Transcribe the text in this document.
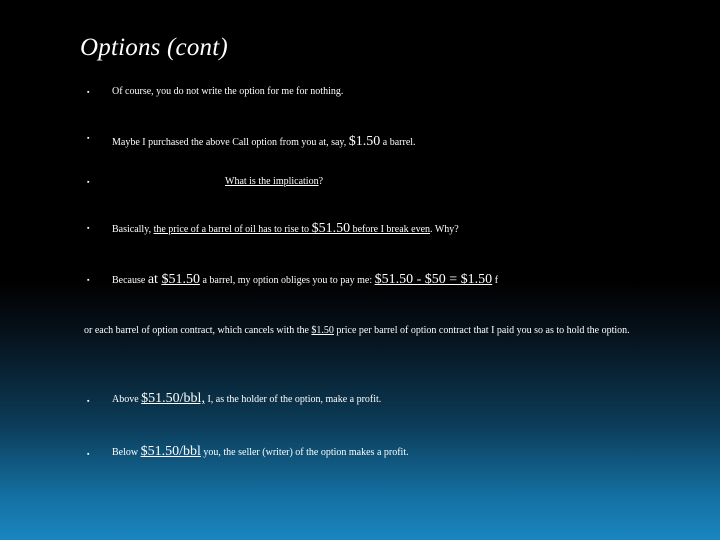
Options (cont)
▪ Of course, you do not write the option for me for nothing.
▪ Maybe I purchased the above Call option from you at, say, $1.50 a barrel.
▪	What is the implication?
▪ Basically, the price of a barrel of oil has to rise to $51.50 before I break even. Why?
▪ Because at $51.50 a barrel, my option obliges you to pay me: $51.50 - $50 = $1.50 f
or each barrel of option contract, which cancels with the $1.50 price per barrel of option contract that I paid you so as to hold the option.
▪ Above $51.50/bbl, I, as the holder of the option, make a profit.
▪ Below $51.50/bbl you, the seller (writer) of the option makes a profit.
